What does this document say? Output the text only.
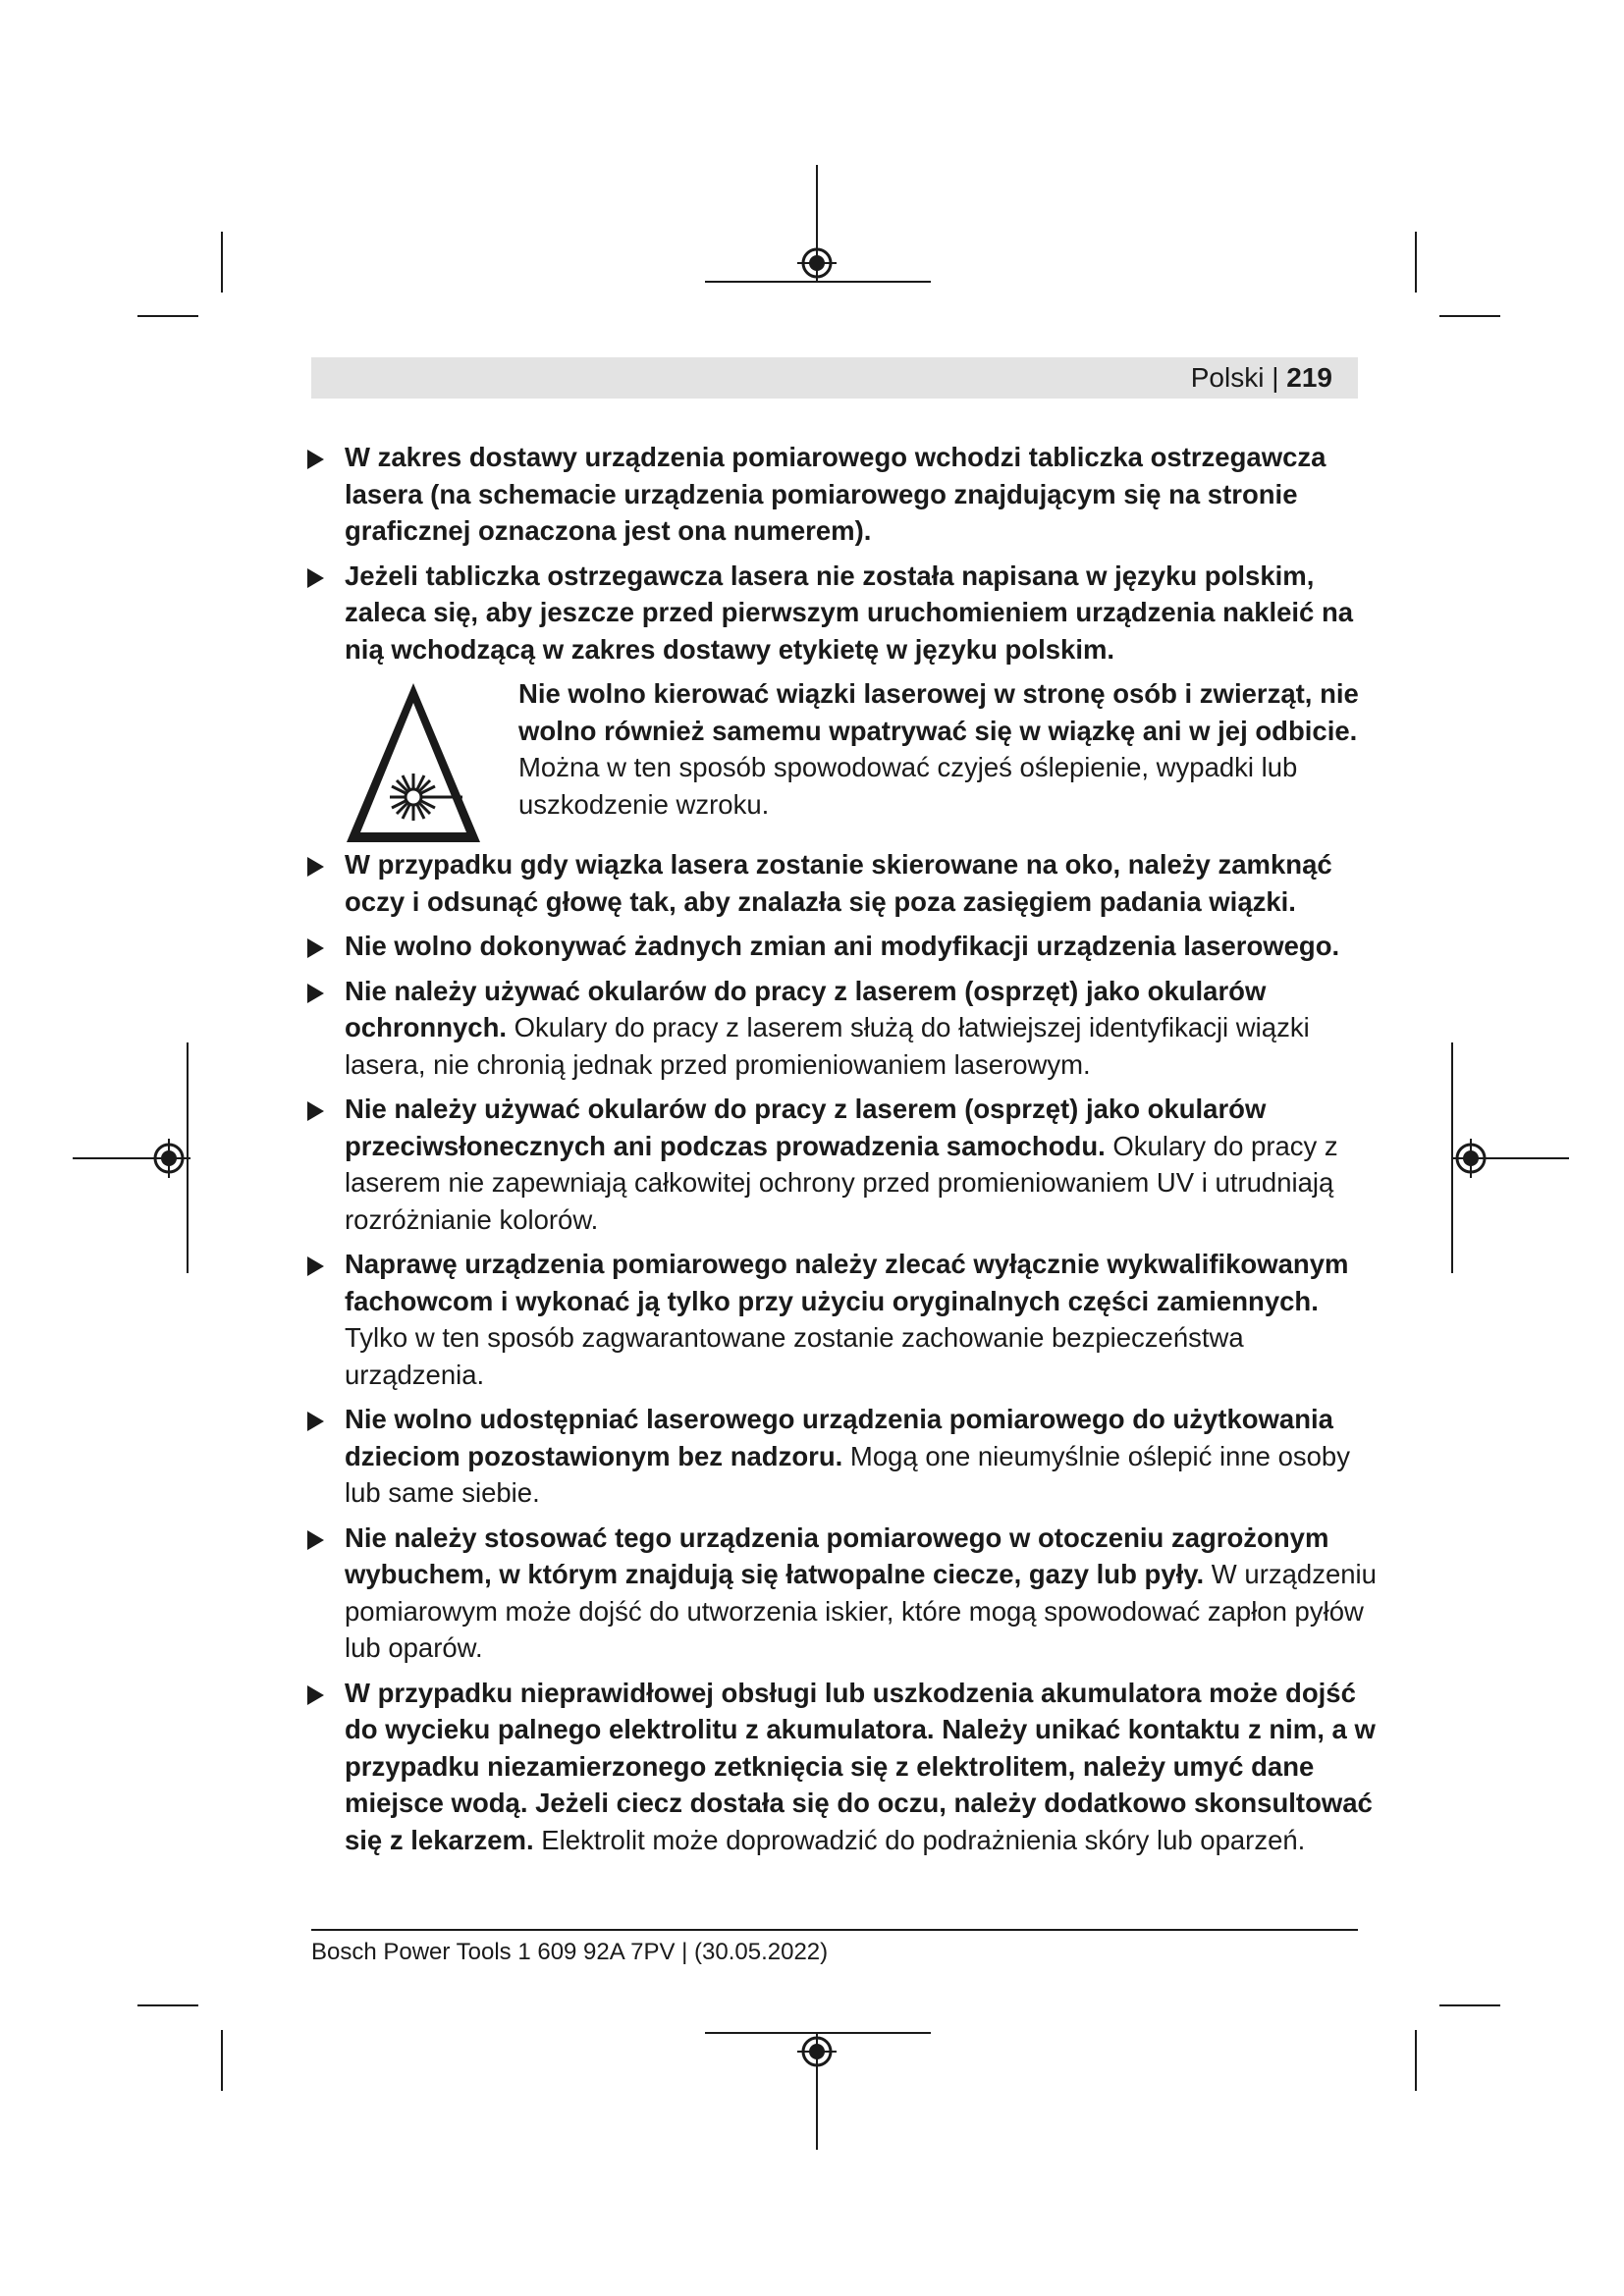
Polski | 219
W zakres dostawy urządzenia pomiarowego wchodzi tabliczka ostrzegawcza lasera (na schemacie urządzenia pomiarowego znajdującym się na stronie graficznej oznaczona jest ona numerem).
Jeżeli tabliczka ostrzegawcza lasera nie została napisana w języku polskim, zaleca się, aby jeszcze przed pierwszym uruchomieniem urządzenia nakleić na nią wchodzącą w zakres dostawy etykietę w języku polskim.
Nie wolno kierować wiązki laserowej w stronę osób i zwierząt, nie wolno również samemu wpatrywać się w wiązkę ani w jej odbicie.
Można w ten sposób spowodować czyjeś oślepienie, wypadki lub uszkodzenie wzroku.
W przypadku gdy wiązka lasera zostanie skierowane na oko, należy zamknąć oczy i odsunąć głowę tak, aby znalazła się poza zasięgiem padania wiązki.
Nie wolno dokonywać żadnych zmian ani modyfikacji urządzenia laserowego.
Nie należy używać okularów do pracy z laserem (osprzęt) jako okularów ochronnych. Okulary do pracy z laserem służą do łatwiejszej identyfikacji wiązki lasera, nie chronią jednak przed promieniowaniem laserowym.
Nie należy używać okularów do pracy z laserem (osprzęt) jako okularów przeciwsłonecznych ani podczas prowadzenia samochodu. Okulary do pracy z laserem nie zapewniają całkowitej ochrony przed promieniowaniem UV i utrudniają rozróżnianie kolorów.
Naprawę urządzenia pomiarowego należy zlecać wyłącznie wykwalifikowanym fachowcom i wykonać ją tylko przy użyciu oryginalnych części zamiennych. Tylko w ten sposób zagwarantowane zostanie zachowanie bezpieczeństwa urządzenia.
Nie wolno udostępniać laserowego urządzenia pomiarowego do użytkowania dzieciom pozostawionym bez nadzoru. Mogą one nieumyślnie oślepić inne osoby lub same siebie.
Nie należy stosować tego urządzenia pomiarowego w otoczeniu zagrożonym wybuchem, w którym znajdują się łatwopalne ciecze, gazy lub pyły. W urządzeniu pomiarowym może dojść do utworzenia iskier, które mogą spowodować zapłon pyłów lub oparów.
W przypadku nieprawidłowej obsługi lub uszkodzenia akumulatora może dojść do wycieku palnego elektrolitu z akumulatora. Należy unikać kontaktu z nim, a w przypadku niezamierzonego zetknięcia się z elektrolitem, należy umyć dane miejsce wodą. Jeżeli ciecz dostała się do oczu, należy dodatkowo skonsultować się z lekarzem. Elektrolit może doprowadzić do podrażnienia skóry lub oparzeń.
Bosch Power Tools 1 609 92A 7PV | (30.05.2022)
